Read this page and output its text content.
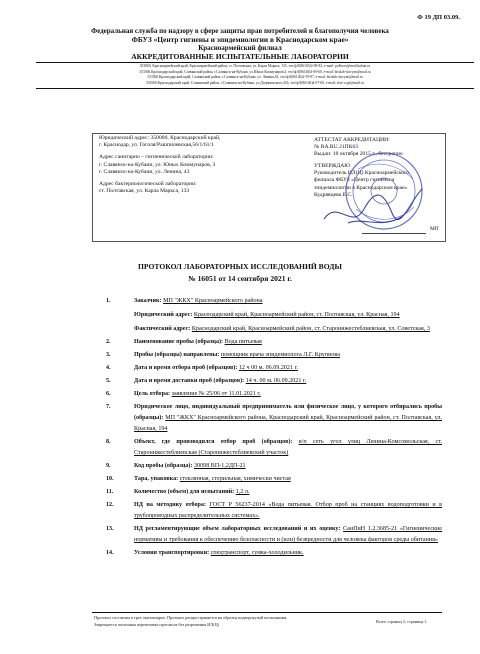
Ф 19 ДП 03.09.
Федеральная служба по надзору в сфере защиты прав потребителей и благополучия человека
ФБУЗ «Центр гигиены и эпидемиологии в Краснодарском крае»
Красноармейский филиал
АККРЕДИТОВАННЫЕ ИСПЫТАТЕЛЬНЫЕ ЛАБОРАТОРИИ
353800, Красноармейский край, Красноармейский район, ст. Полтавская, ул. Карла Маркса, 133, тел/ф.8(86165)4-09-82, e-mail: polbwes@mail.kuban.ru
353560,Краснодарский край, Славянский район, г.Славянск-на-Кубани, ул.Юных Коммунаров,3, тел/ф.8(86146)4-09-60, e-mail: birulab-slavyan@mail.ru
353560,Краснодарский край, Славянский район, г.Славянск-на-Кубани, ул. Ленина,43, тел/ф.8(86146)2-59-87, e-mail: birulab-slavyan@mail.ru
353560,Краснодарский край, Славянский район, г.Славянск-на-Кубани, ул.Дзержинского,243, тел/ф.8(86146)4-07-60, e-mail: slav-ccge@mail.ru
Юридический адрес: 350000, Краснодарский край,
г. Краснодар, ул. Гоголя/Рашпилевская,56/1/61/1
Адрес санитарно – гигиенической лаборатории:
г. Славянск-на-Кубани, ул. Юных Коммунаров, 3
г. Славянск-на-Кубани, ул. Ленина, 43
Адрес бактериологической лаборатории:
ст. Полтавская, ул. Карла Маркса, 133
АТТЕСТАТ АККРЕДИТАЦИИ:
№ RA.RU.21ПК63
Выдан: 18 октября 2015 г., бессрочно
УТВЕРЖДАЮ
Руководитель ИЛ(Ц) Красноармейского
филиала ФБУЗ «Центр гигиены и
эпидемиологии в Краснодарском крае»
Кудрявцева Е.С.
МП
ПРОТОКОЛ ЛАБОРАТОРНЫХ ИССЛЕДОВАНИЙ ВОДЫ
№ 16051 от 14 сентября 2021 г.
1.	Заказчик: МП "ЖКХ" Красноармейского района
Юридический адрес: Краснодарский край, Красноармейский район, ст. Полтавская, ул. Красная, 194
Фактический адрес: Краснодарский край, Красноармейский район, ст. Старонижестеблиевская, ул. Советская, 3
2.	Наименование пробы (образца): Вода питьевая
3.	Пробы (образцы) направлены: помощник врача эпидемиолога Л.Г. Крупнова
4.	Дата и время отбора проб (образцов): 12 ч 00 м. 06.09.2021 г.
5.	Дата и время доставки проб (образцов): 14 ч. 00 м. 06.09.2021 г.
6.	Цель отбора: заявление № 25/06 от 11.01.2021 г.
7.	Юридическое лицо, индивидуальный предприниматель или физическое лицо, у которого отбирались пробы (образцы): МП "ЖКХ" Красноармейского района, Краснодарский край, Красноармейский район, ст. Полтавская, ул. Красная, 194
8.	Объект, где производился отбор проб (образцов): в/п сеть угол улиц Ленина-Комсомольская, ст. Старонижестеблиевская (Старонижестеблиевский участок)
9.	Код пробы (образца): 30098 ВП-1,2ДП-21
10.	Тара, упаковка: стеклянная, стерильная, химически чистая
11.	Количество (объем) для испытаний: 1,2 л.
12.	НД на методику отбора: ГОСТ Р 56237-2014 «Вода питьевая. Отбор проб на станциях водоподготовки и в трубопроводных распределительных системах».
13.	НД регламентирующие объем лабораторных исследований и их оценку: СанПиН 1.2.3685-21 «Гигиенические нормативы и требования к обеспечению безопасности и (или) безвредности для человека факторов среды обитания»
14.	Условия транспортировки: спецтранспорт, сумка-холодильник.
Протокол составлен в трех экземплярах. Протокол распространяется на образец подвергнутый испытаниям.
Запрещается частичная перепечатка протокола без разрешения ИЛ(Ц)
Всего страниц 2; страница 1.
